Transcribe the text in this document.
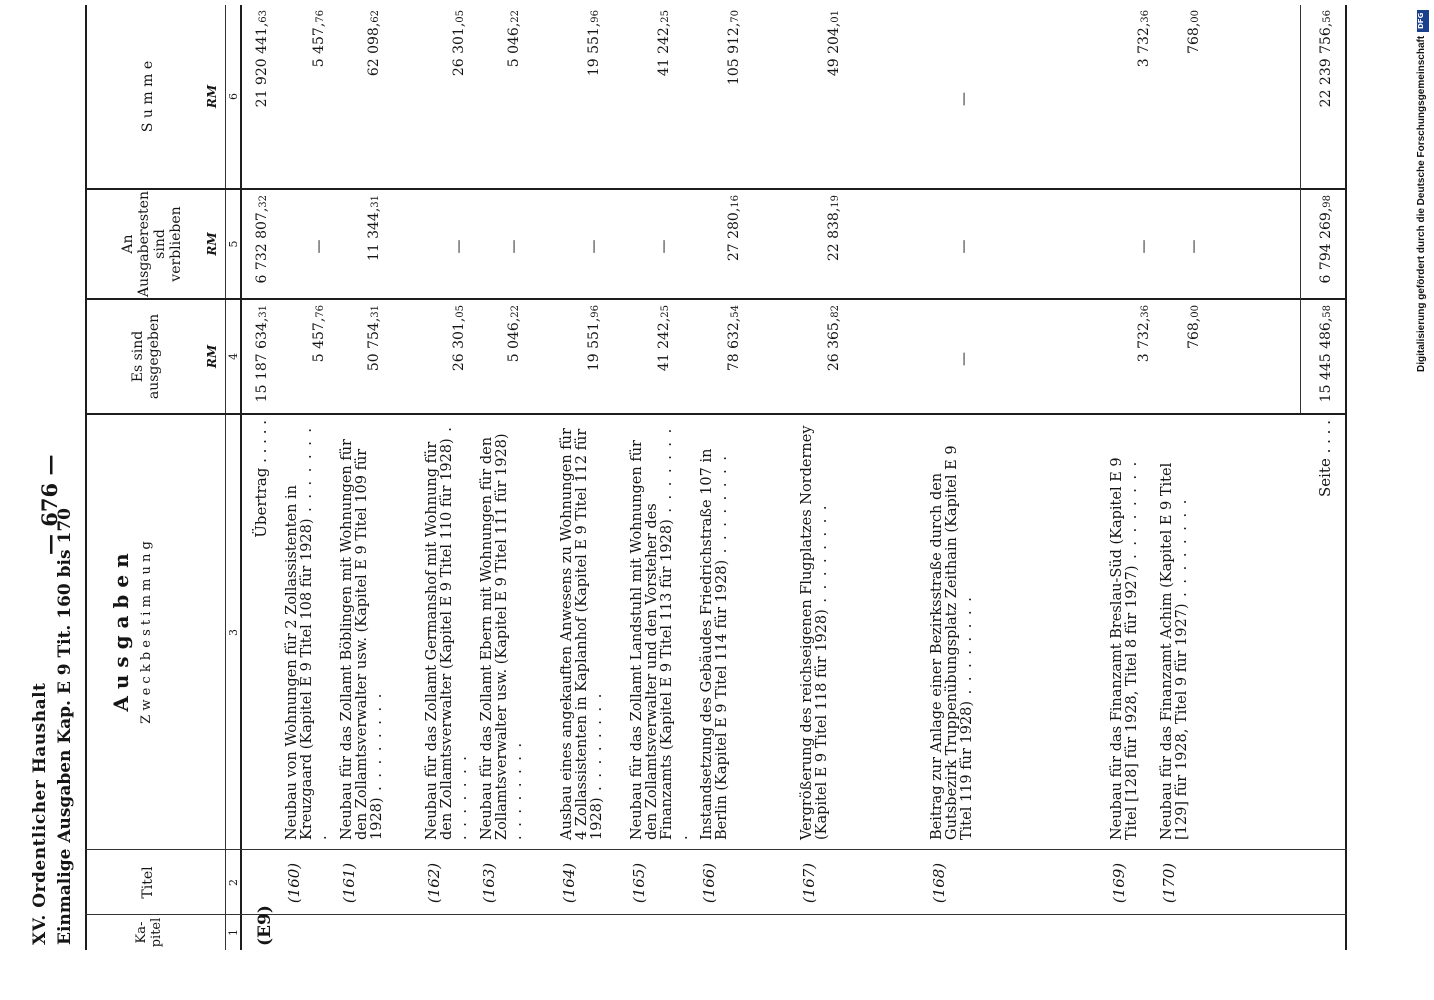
XV. Ordentlicher Haushalt Einmalige Ausgaben Kap. E 9 Tit. 160 bis 170
— 676 —
Ka-
pitel
Titel
A u s g a b e n Z w e c k b e s t i m m u n g
Es sind
ausgegeben
An
Ausgaberesten
sind verblieben
S u m m e
RM
RM
RM
1
2
3
4
5
6
(E9)
Übertrag . . . . .
15 187 634,31
6 732 807,32
21 920 441,63
(160)
Neubau von Wohnungen für 2 Zollassistenten in Kreuzgaard (Kapitel E 9 Titel 108 für 1928) . . . . . . . .
5 457,76
—
5 457,76
(161)
Neubau für das Zollamt Böblingen mit Wohnungen für den Zollamtsverwalter usw. (Kapitel E 9 Titel 109 für 1928) . . . . . . . .
50 754,31
11 344,31
62 098,62
(162)
Neubau für das Zollamt Germanshof mit Wohnung für den Zollamtsverwalter (Kapitel E 9 Titel 110 für 1928) . . . . . . . .
26 301,05
—
26 301,05
(163)
Neubau für das Zollamt Ebern mit Wohnungen für den Zollamtsverwalter usw. (Kapitel E 9 Titel 111 für 1928) . . . . . . . .
5 046,22
—
5 046,22
(164)
Ausbau eines angekauften Anwesens zu Wohnungen für 4 Zollassistenten in Kaplanhof (Kapitel E 9 Titel 112 für 1928) . . . . . . . .
19 551,96
—
19 551,96
(165)
Neubau für das Zollamt Landstuhl mit Wohnungen für den Zollamtsverwalter und den Vorsteher des Finanzamts (Kapitel E 9 Titel 113 für 1928) . . . . . . . .
41 242,25
—
41 242,25
(166)
Instandsetzung des Gebäudes Friedrichstraße 107 in Berlin (Kapitel E 9 Titel 114 für 1928) . . . . . . . .
78 632,54
27 280,16
105 912,70
(167)
Vergrößerung des reichseigenen Flugplatzes Norderney (Kapitel E 9 Titel 118 für 1928) . . . . . . . .
26 365,82
22 838,19
49 204,01
(168)
Beitrag zur Anlage einer Bezirksstraße durch den Gutsbezirk Truppenübungsplatz Zeithain (Kapitel E 9 Titel 119 für 1928) . . . . . . . .
—
—
—
(169)
Neubau für das Finanzamt Breslau-Süd (Kapitel E 9 Titel [128] für 1928, Titel 8 für 1927) . . . . . . . .
3 732,36
—
3 732,36
(170)
Neubau für das Finanzamt Achim (Kapitel E 9 Titel [129] für 1928, Titel 9 für 1927) . . . . . . . .
768,00
—
768,00
Seite . . . .
15 445 486,58
6 794 269,98
22 239 756,56	DFG
Digitalisierung gefördert durch die Deutsche Forschungsgemeinschaft
